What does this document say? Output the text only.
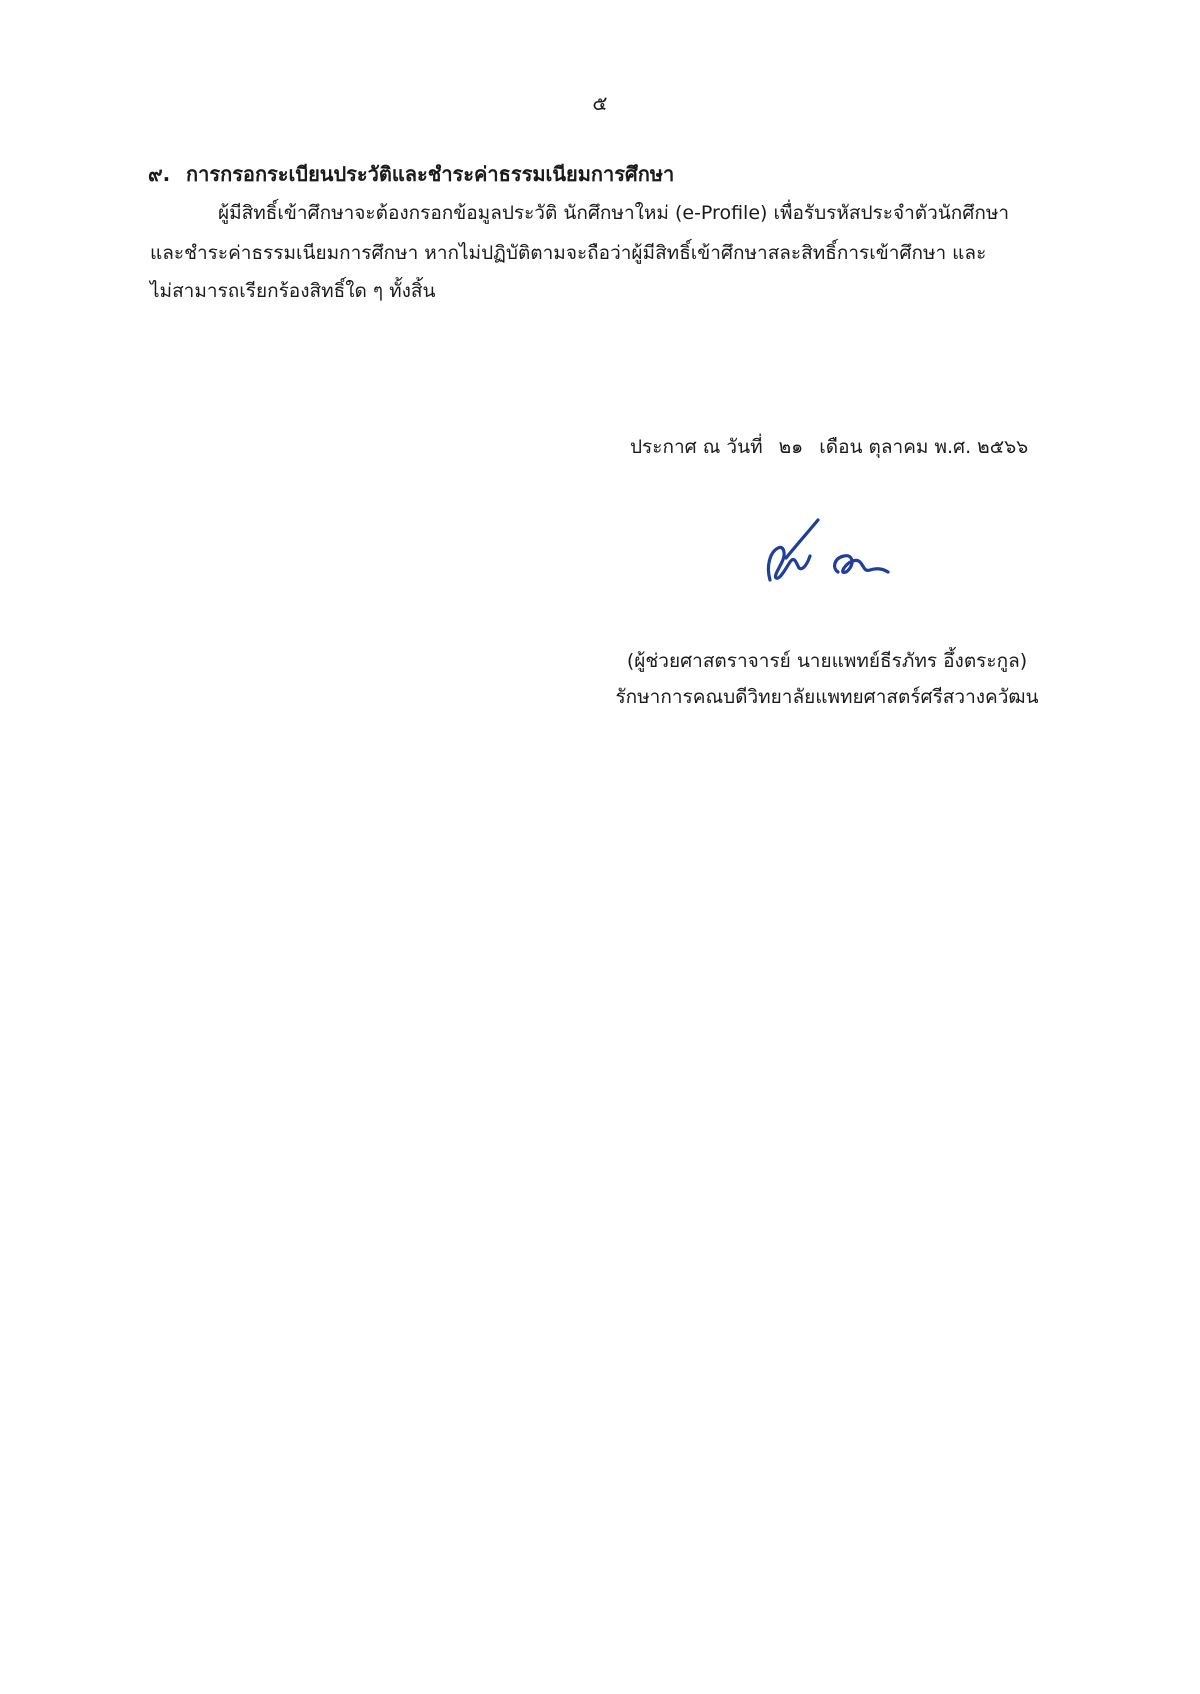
๕
๙. การกรอกระเบียนประวัติและชำระค่าธรรมเนียมการศึกษา
ผู้มีสิทธิ์เข้าศึกษาจะต้องกรอกข้อมูลประวัติ นักศึกษาใหม่ (e-Profile) เพื่อรับรหัสประจำตัวนักศึกษา
และชำระค่าธรรมเนียมการศึกษา หากไม่ปฏิบัติตามจะถือว่าผู้มีสิทธิ์เข้าศึกษาสละสิทธิ์การเข้าศึกษา และ
ไม่สามารถเรียกร้องสิทธิ์ใด ๆ ทั้งสิ้น
ประกาศ ณ วันที่ ๒๑ เดือน ตุลาคม พ.ศ. ๒๕๖๖
(ผู้ช่วยศาสตราจารย์ นายแพทย์ธีรภัทร อึ้งตระกูล)
รักษาการคณบดีวิทยาลัยแพทยศาสตร์ศรีสวางควัฒน
